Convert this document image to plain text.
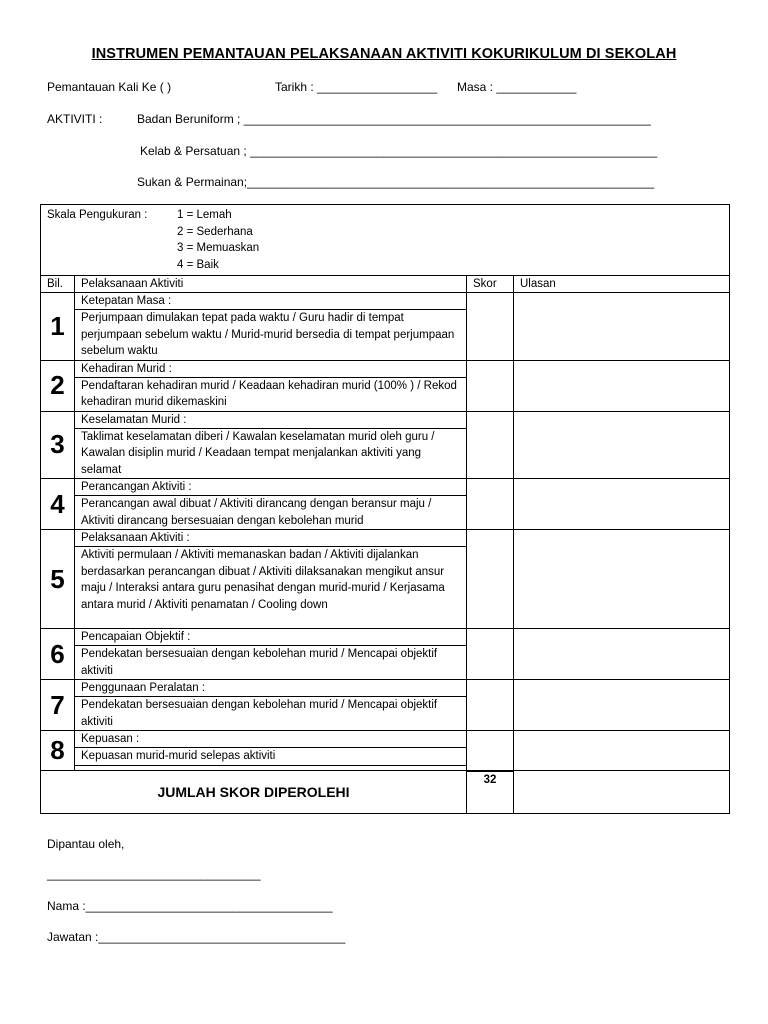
INSTRUMEN PEMANTAUAN PELAKSANAAN AKTIVITI KOKURIKULUM DI SEKOLAH
Pemantauan Kali Ke ( )	Tarikh : __________________ Masa : ____________
AKTIVITI :	Badan Beruniform ; _____________________________________________________________
Kelab & Persatuan ; _____________________________________________________________
Sukan & Permainan;_____________________________________________________________
Skala Pengukuran : 1 = Lemah
2 = Sederhana
3 = Memuaskan
4 = Baik			

Bil.	Pelaksanaan Aktiviti	Skor	Ulasan
1	Ketepatan Masa :
Perjumpaan dimulakan tepat pada waktu / Guru hadir di tempat perjumpaan sebelum waktu / Murid-murid bersedia di tempat perjumpaan sebelum waktu		

2	Kehadiran Murid :
Pendaftaran kehadiran murid / Keadaan kehadiran murid (100% ) / Rekod kehadiran murid dikemaskini		

3	Keselamatan Murid :
Taklimat keselamatan diberi / Kawalan keselamatan murid oleh guru / Kawalan disiplin murid / Keadaan tempat menjalankan aktiviti yang selamat		

4	Perancangan Aktiviti :
Perancangan awal dibuat / Aktiviti dirancang dengan beransur maju / Aktiviti dirancang bersesuaian dengan kebolehan murid		

5	Pelaksanaan Aktiviti :
Aktiviti permulaan / Aktiviti memanaskan badan / Aktiviti dijalankan berdasarkan perancangan dibuat / Aktiviti dilaksanakan mengikut ansur maju / Interaksi antara guru penasihat dengan murid-murid / Kerjasama antara murid / Aktiviti penamatan / Cooling down		

6	Pencapaian Objektif :
Pendekatan bersesuaian dengan kebolehan murid / Mencapai objektif aktiviti		

7	Penggunaan Peralatan :
Pendekatan bersesuaian dengan kebolehan murid / Mencapai objektif aktiviti		

8	Kepuasan :
Kepuasan murid-murid selepas aktiviti		

JUMLAH SKOR DIPEROLEHI		32	

Dipantau oleh,
________________________________
Nama :_____________________________________
Jawatan :_____________________________________
